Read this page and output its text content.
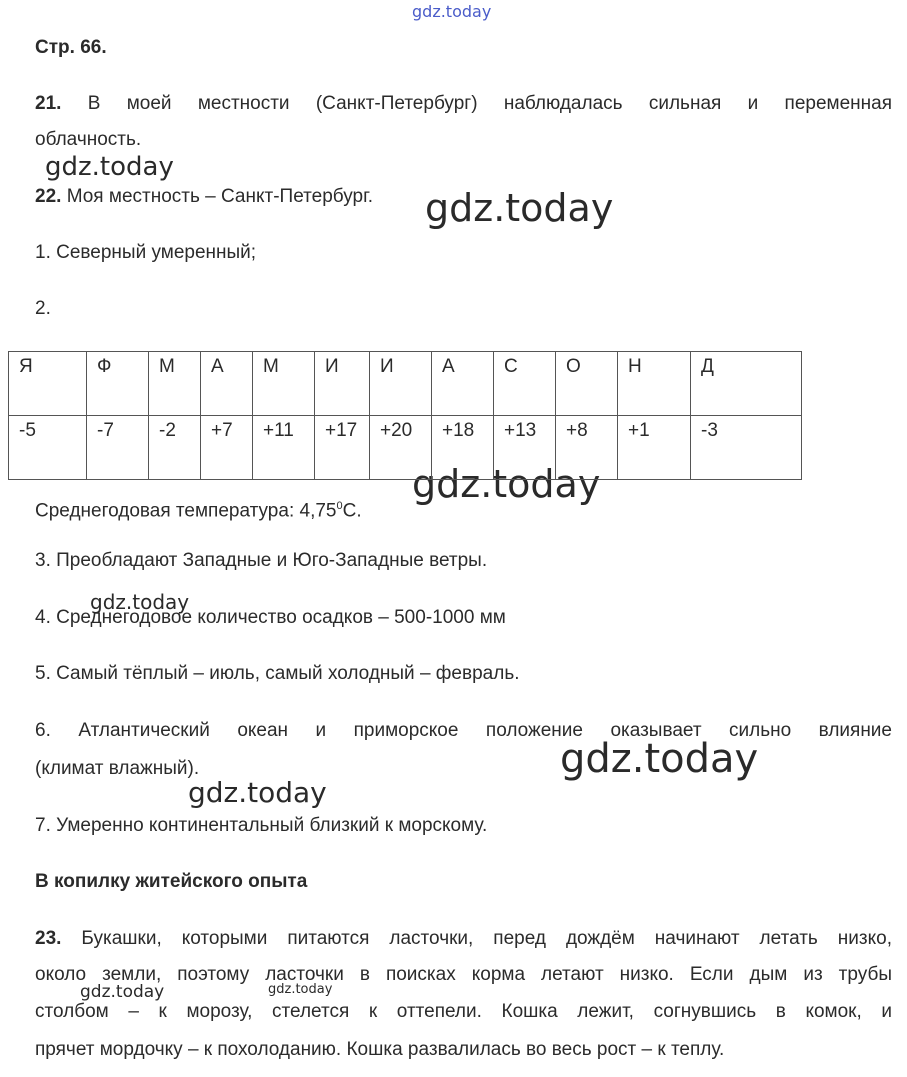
gdz.today
gdz.today
gdz.today
gdz.today
gdz.today
gdz.today
gdz.today
gdz.today	gdz.today
Стр. 66.
21. В моей местности (Санкт-Петербург) наблюдалась сильная и переменная
облачность.
22. Моя местность – Санкт-Петербург.
1. Северный умеренный;
2.
Я	Ф	М	А	М	И	И	А	С	О	Н	Д
-5	-7	-2	+7	+11	+17	+20	+18	+13	+8	+1	-3
Среднегодовая температура: 4,75$^0$С.
3. Преобладают Западные и Юго-Западные ветры.
4. Среднегодовое количество осадков – 500-1000 мм
5. Самый тёплый – июль, самый холодный – февраль.
6. Атлантический океан и приморское положение оказывает сильно влияние
(климат влажный).
7. Умеренно континентальный близкий к морскому.
В копилку житейского опыта
23. Букашки, которыми питаются ласточки, перед дождём начинают летать низко,
около земли, поэтому ласточки в поисках корма летают низко. Если дым из трубы
столбом – к морозу, стелется к оттепели. Кошка лежит, согнувшись в комок, и
прячет мордочку – к похолоданию. Кошка развалилась во весь рост – к теплу.
